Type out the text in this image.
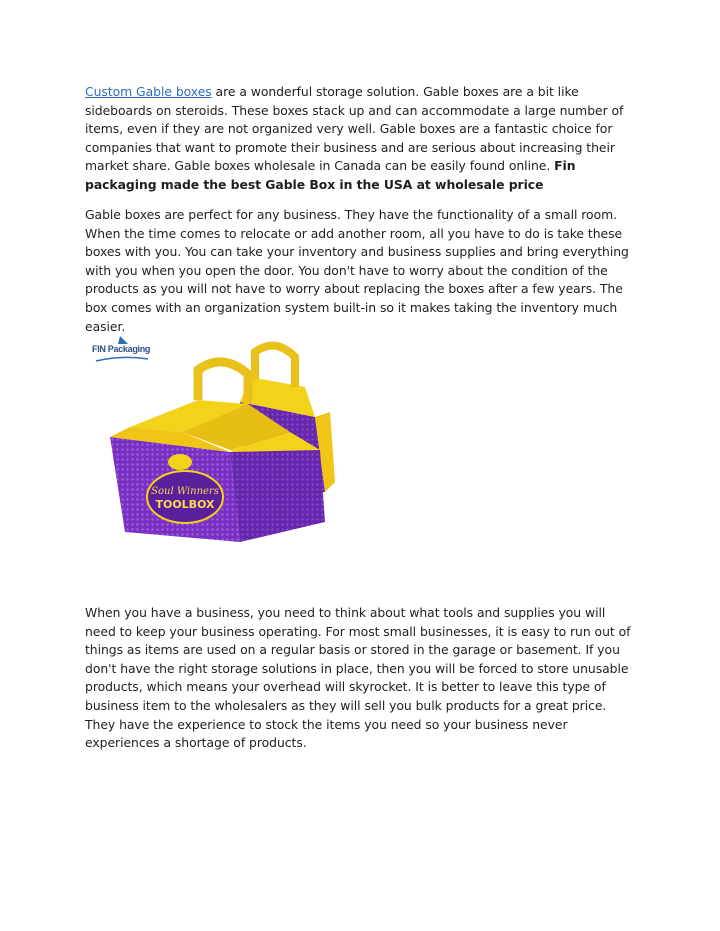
Custom Gable boxes are a wonderful storage solution. Gable boxes are a bit like sideboards on steroids. These boxes stack up and can accommodate a large number of items, even if they are not organized very well. Gable boxes are a fantastic choice for companies that want to promote their business and are serious about increasing their market share. Gable boxes wholesale in Canada can be easily found online. Fin packaging made the best Gable Box in the USA at wholesale price

Gable boxes are perfect for any business. They have the functionality of a small room. When the time comes to relocate or add another room, all you have to do is take these boxes with you. You can take your inventory and business supplies and bring everything with you when you open the door. You don't have to worry about the condition of the products as you will not have to worry about replacing the boxes after a few years. The box comes with an organization system built-in so it makes taking the inventory much easier.

FIN Packaging
Soul Winners
TOOLBOX

When you have a business, you need to think about what tools and supplies you will need to keep your business operating. For most small businesses, it is easy to run out of things as items are used on a regular basis or stored in the garage or basement. If you don't have the right storage solutions in place, then you will be forced to store unusable products, which means your overhead will skyrocket. It is better to leave this type of business item to the wholesalers as they will sell you bulk products for a great price. They have the experience to stock the items you need so your business never experiences a shortage of products.
